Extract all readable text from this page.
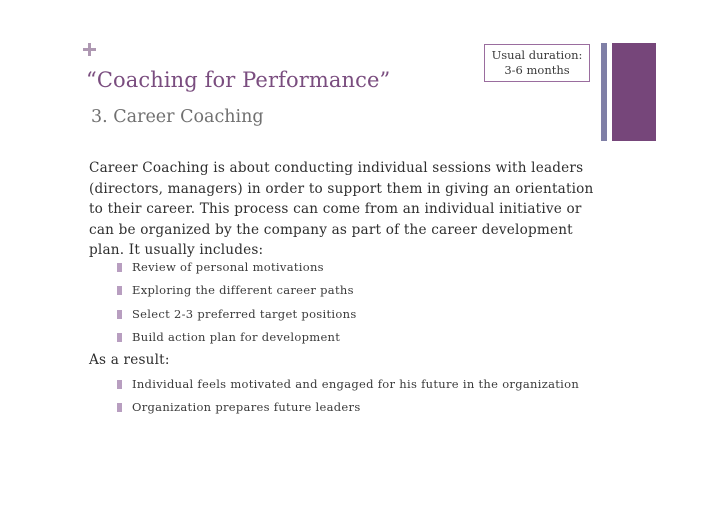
Usual duration:
3-6 months
“Coaching for Performance”
3. Career Coaching
Career Coaching is about conducting individual sessions with leaders
(directors, managers) in order to support them in giving an orientation
to their career. This process can come from an individual initiative or
can be organized by the company as part of the career development
plan. It usually includes:
Review of personal motivations
Exploring the different career paths
Select 2-3 preferred target positions
Build action plan for development
As a result:
Individual feels motivated and engaged for his future in the organization
Organization prepares future leaders
